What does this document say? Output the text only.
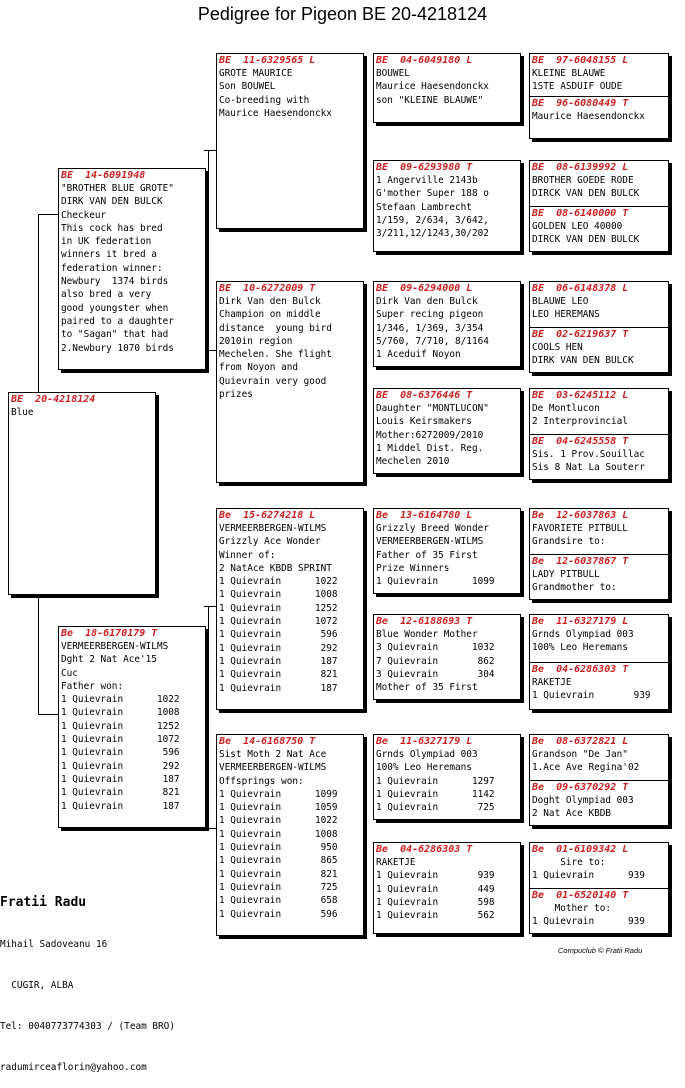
Pedigree for Pigeon BE 20-4218124
BE  20-4218124
Blue
BE  14-6091948
"BROTHER BLUE GROTE"
DIRK VAN DEN BULCK
Checkeur
This cock has bred
in UK federation
winners it bred a
federation winner:
Newbury  1374 birds
also bred a very
good youngster when
paired to a daughter
to "Sagan" that had
2.Newbury 1070 birds
Be  18-6170179 T
VERMEERBERGEN-WILMS
Dght 2 Nat Ace'15
Cuc
Father won:
1 Quievrain      1022
1 Quievrain      1008
1 Quievrain      1252
1 Quievrain      1072
1 Quievrain       596
1 Quievrain       292
1 Quievrain       187
1 Quievrain       821
1 Quievrain       187
BE  11-6329565 L
GROTE MAURICE
Son BOUWEL
Co-breeding with
Maurice Haesendonckx
BE  10-6272009 T
Dirk Van den Bulck
Champion on middle
distance  young bird
2010in region
Mechelen. She flight
from Noyon and
Quievrain very good
prizes
Be  15-6274218 L
VERMEERBERGEN-WILMS
Grizzly Ace Wonder
Winner of:
2 NatAce KBDB SPRINT
1 Quievrain      1022
1 Quievrain      1008
1 Quievrain      1252
1 Quievrain      1072
1 Quievrain       596
1 Quievrain       292
1 Quievrain       187
1 Quievrain       821
1 Quievrain       187
Be  14-6168750 T
Sist Moth 2 Nat Ace
VERMEERBERGEN-WILMS
Offsprings won:
1 Quievrain      1099
1 Quievrain      1059
1 Quievrain      1022
1 Quievrain      1008
1 Quievrain       950
1 Quievrain       865
1 Quievrain       821
1 Quievrain       725
1 Quievrain       658
1 Quievrain       596
BE  04-6049180 L
BOUWEL
Maurice Haesendonckx
son "KLEINE BLAUWE"
BE  09-6293980 T
1 Angerville 2143b
G'mother Super 188 o
Stefaan Lambrecht
1/159, 2/634, 3/642,
3/211,12/1243,30/202
BE  09-6294000 L
Dirk Van den Bulck
Super recing pigeon
1/346, 1/369, 3/354
5/760, 7/710, 8/1164
1 Aceduif Noyon
BE  08-6376446 T
Daughter "MONTLUCON"
Louis Keirsmakers
Mother:6272009/2010
1 Middel Dist. Reg.
Mechelen 2010
Be  13-6164780 L
Grizzly Breed Wonder
VERMEERBERGEN-WILMS
Father of 35 First
Prize Winners
1 Quievrain      1099
Be  12-6188693 T
Blue Wonder Mother
3 Quievrain      1032
7 Quievrain       862
3 Quievrain       304
Mother of 35 First
Be  11-6327179 L
Grnds Olympiad 003
100% Leo Heremans
1 Quievrain      1297
1 Quievrain      1142
1 Quievrain       725
Be  04-6286303 T
RAKETJE
1 Quievrain       939
1 Quievrain       449
1 Quievrain       598
1 Quievrain       562
BE  97-6048155 L
KLEINE BLAUWE
1STE ASDUIF OUDE
BE  96-6080449 T
Maurice Haesendonckx
BE  08-6139992 L
BROTHER GOEDE RODE
DIRCK VAN DEN BULCK
BE  08-6140000 T
GOLDEN LEO 40000
DIRCK VAN DEN BULCK
BE  06-6148378 L
BLAUWE LEO
LEO HEREMANS
BE  02-6219637 T
COOLS HEN
DIRK VAN DEN BULCK
BE  03-6245112 L
De Montlucon
2 Interprovincial
BE  04-6245558 T
Sis. 1 Prov.Souillac
Sis 8 Nat La Souterr
Be  12-6037863 L
FAVORIETE PITBULL
Grandsire to:
Be  12-6037867 T
LADY PITBULL
Grandmother to:
Be  11-6327179 L
Grnds Olympiad 003
100% Leo Heremans
Be  04-6286303 T
RAKETJE
1 Quievrain       939
Be  08-6372821 L
Grandson "De Jan"
1.Ace Ave Regina'02
Be  09-6370292 T
Doght Olympiad 003
2 Nat Ace KBDB
Be  01-6109342 L
Sire to:
1 Quievrain      939
Be  01-6520140 T
Mother to:
1 Quievrain      939

Fratii Radu

Mihail Sadoveanu 16

CUGIR, ALBA

Tel: 0040773774303 / (Team BRO)

radumirceaflorin@yahoo.com

Compuclub © Fratii Radu
